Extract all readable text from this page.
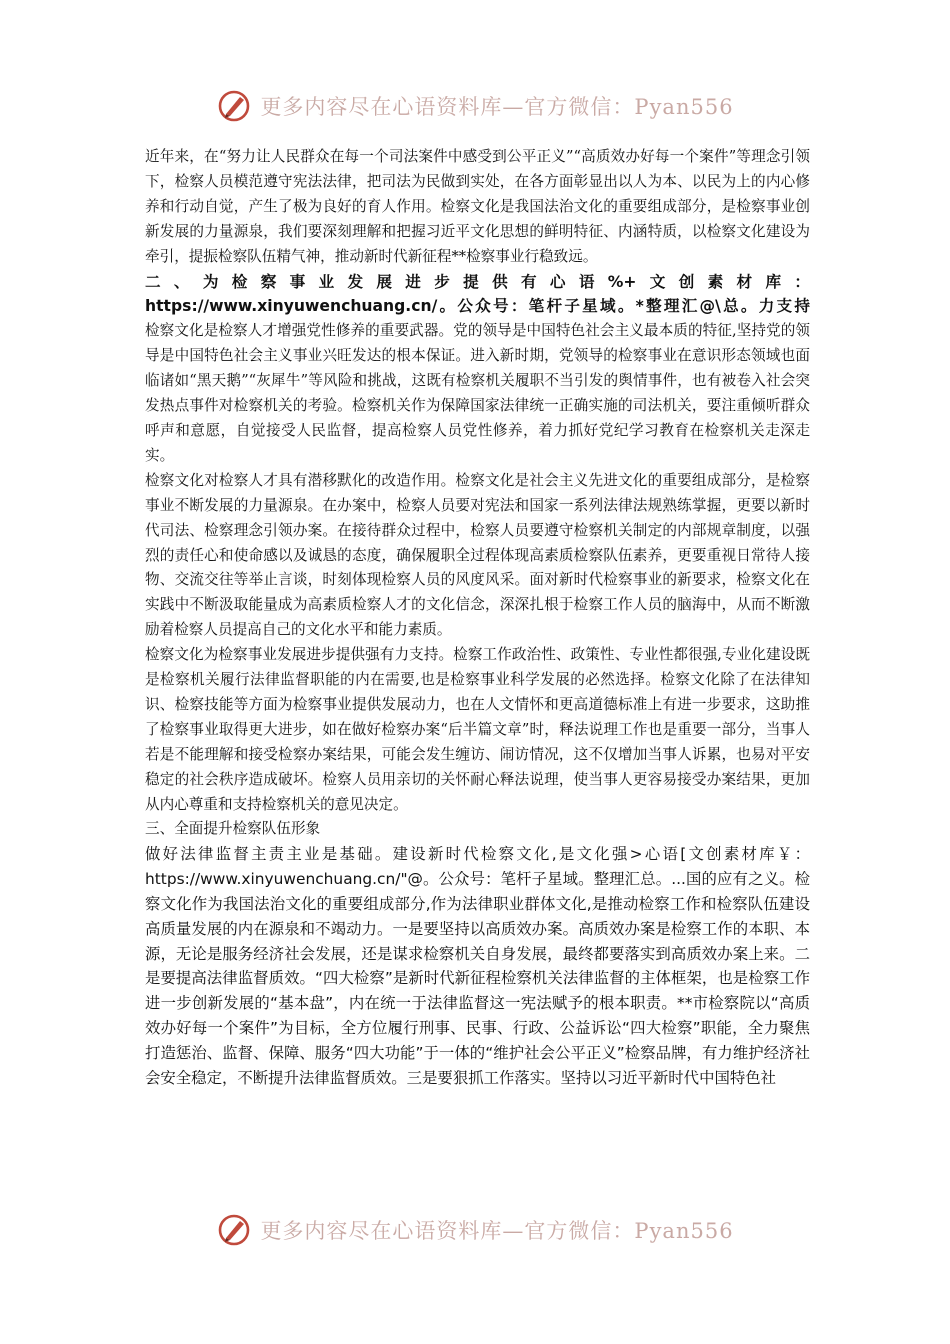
更多内容尽在心语资料库—官方微信：Pyan556

近年来，在“努力让人民群众在每一个司法案件中感受到公平正义”“高质效办好每一个案件”等理念引领下，检察人员模范遵守宪法法律，把司法为民做到实处，在各方面彰显出以人为本、以民为上的内心修养和行动自觉，产生了极为良好的育人作用。检察文化是我国法治文化的重要组成部分，是检察事业创新发展的力量源泉，我们要深刻理解和把握习近平文化思想的鲜明特征、内涵特质，以检察文化建设为牵引，提振检察队伍精气神，推动新时代新征程**检察事业行稳致远。

二、为检察事业发展进步提供有心语%+文创素材库：https://www.xinyuwenchuang.cn/。公众号：笔杆子星域。*整理汇@\总。力支持

检察文化是检察人才增强党性修养的重要武器。党的领导是中国特色社会主义最本质的特征,坚持党的领导是中国特色社会主义事业兴旺发达的根本保证。进入新时期，党领导的检察事业在意识形态领域也面临诸如“黑天鹅”“灰犀牛”等风险和挑战，这既有检察机关履职不当引发的舆情事件，也有被卷入社会突发热点事件对检察机关的考验。检察机关作为保障国家法律统一正确实施的司法机关，要注重倾听群众呼声和意愿，自觉接受人民监督，提高检察人员党性修养，着力抓好党纪学习教育在检察机关走深走实。

检察文化对检察人才具有潜移默化的改造作用。检察文化是社会主义先进文化的重要组成部分，是检察事业不断发展的力量源泉。在办案中，检察人员要对宪法和国家一系列法律法规熟练掌握，更要以新时代司法、检察理念引领办案。在接待群众过程中，检察人员要遵守检察机关制定的内部规章制度，以强烈的责任心和使命感以及诚恳的态度，确保履职全过程体现高素质检察队伍素养，更要重视日常待人接物、交流交往等举止言谈，时刻体现检察人员的风度风采。面对新时代检察事业的新要求，检察文化在实践中不断汲取能量成为高素质检察人才的文化信念，深深扎根于检察工作人员的脑海中，从而不断激励着检察人员提高自己的文化水平和能力素质。

检察文化为检察事业发展进步提供强有力支持。检察工作政治性、政策性、专业性都很强,专业化建设既是检察机关履行法律监督职能的内在需要,也是检察事业科学发展的必然选择。检察文化除了在法律知识、检察技能等方面为检察事业提供发展动力，也在人文情怀和更高道德标准上有进一步要求，这助推了检察事业取得更大进步，如在做好检察办案“后半篇文章”时，释法说理工作也是重要一部分，当事人若是不能理解和接受检察办案结果，可能会发生缠访、闹访情况，这不仅增加当事人诉累，也易对平安稳定的社会秩序造成破坏。检察人员用亲切的关怀耐心释法说理，使当事人更容易接受办案结果，更加从内心尊重和支持检察机关的意见决定。

三、全面提升检察队伍形象

做好法律监督主责主业是基础。建设新时代检察文化,是文化强>心语[文创素材库￥：https://www.xinyuwenchuang.cn/"@。公众号：笔杆子星域。整理汇总。...国的应有之义。检察文化作为我国法治文化的重要组成部分,作为法律职业群体文化,是推动检察工作和检察队伍建设高质量发展的内在源泉和不竭动力。一是要坚持以高质效办案。高质效办案是检察工作的本职、本源，无论是服务经济社会发展，还是谋求检察机关自身发展，最终都要落实到高质效办案上来。二是要提高法律监督质效。“四大检察”是新时代新征程检察机关法律监督的主体框架，也是检察工作进一步创新发展的“基本盘”，内在统一于法律监督这一宪法赋予的根本职责。**市检察院以“高质效办好每一个案件”为目标，全方位履行刑事、民事、行政、公益诉讼“四大检察”职能，全力聚焦打造惩治、监督、保障、服务“四大功能”于一体的“维护社会公平正义”检察品牌，有力维护经济社会安全稳定，不断提升法律监督质效。三是要狠抓工作落实。坚持以习近平新时代中国特色社

更多内容尽在心语资料库—官方微信：Pyan556
